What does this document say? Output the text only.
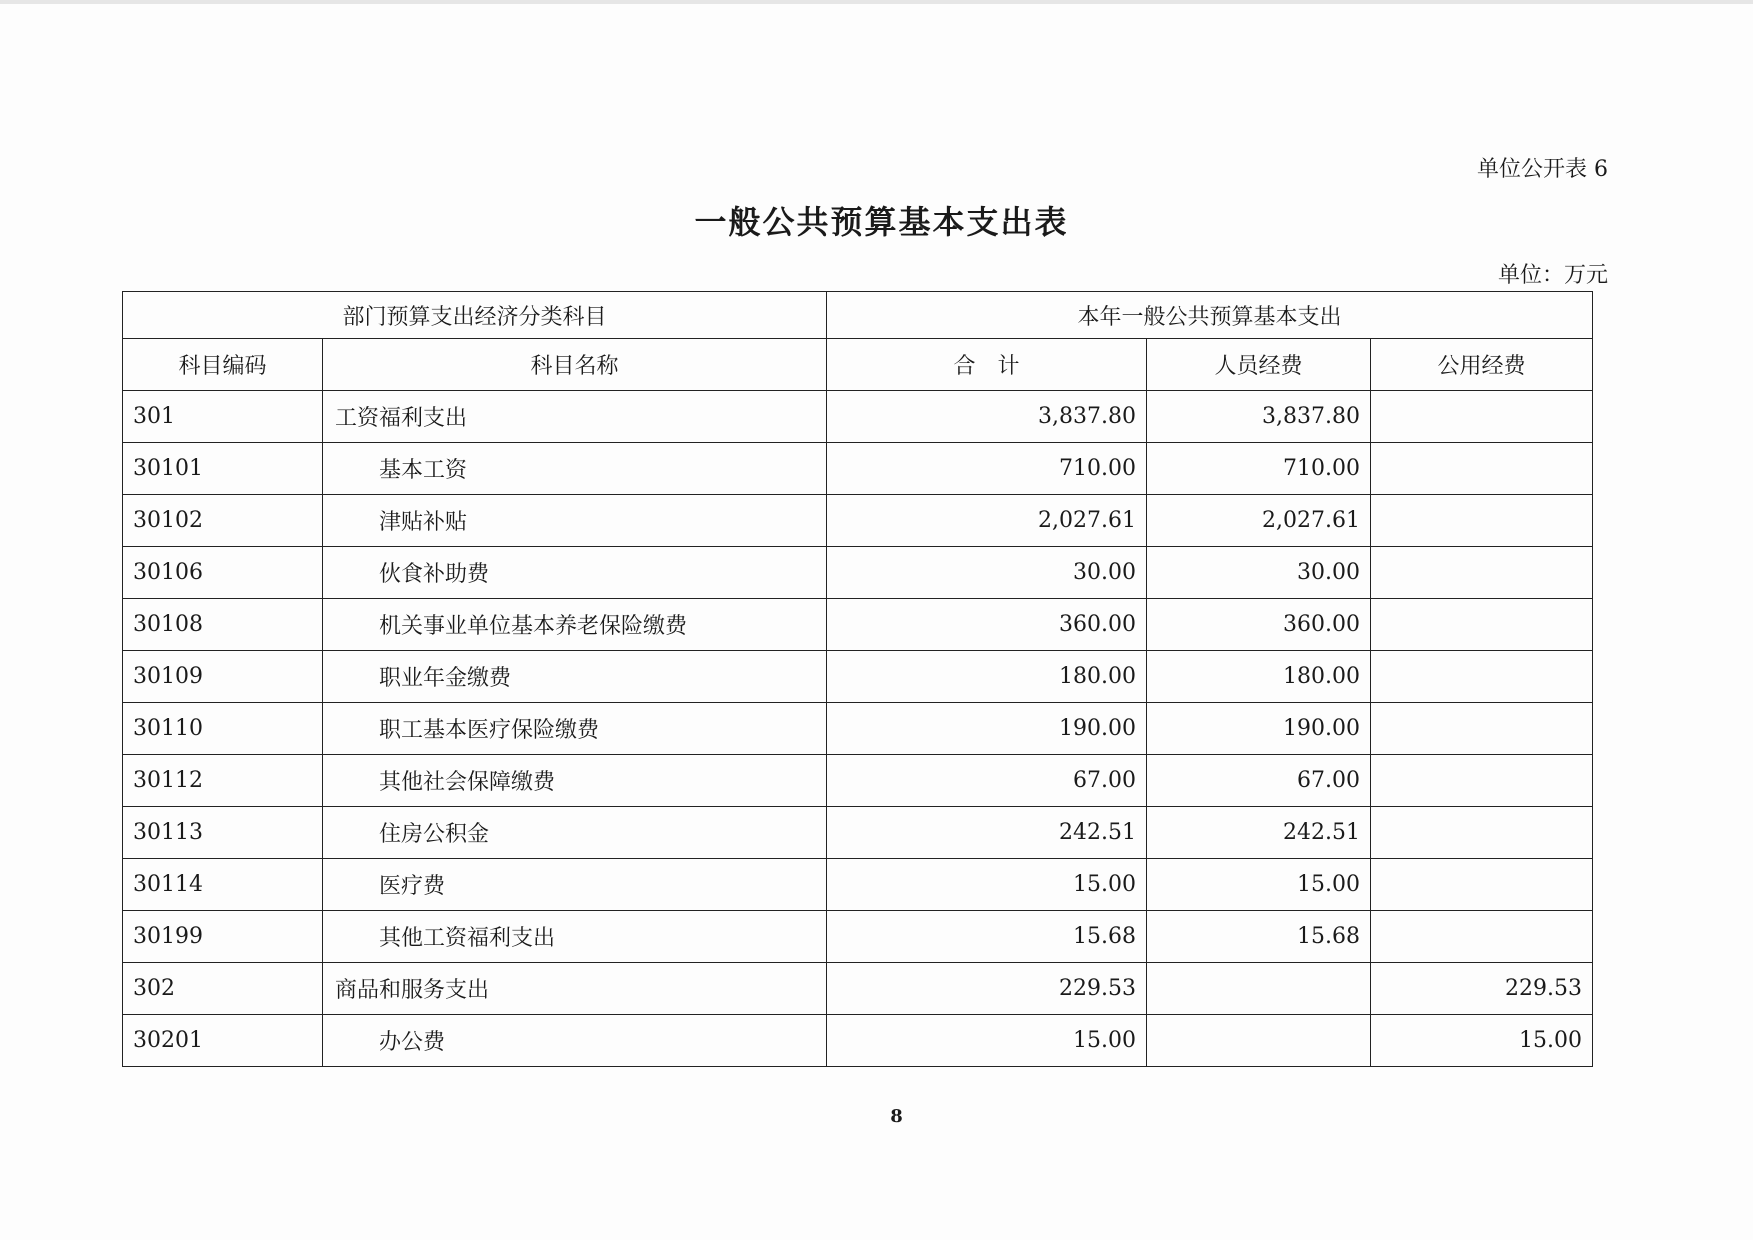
单位公开表 6
一般公共预算基本支出表
单位：万元
部门预算支出经济分类科目		本年一般公共预算基本支出		
科目编码	科目名称	合　计	人员经费	公用经费
301	工资福利支出	3,837.80	3,837.80	
30101	基本工资	710.00	710.00	
30102	津贴补贴	2,027.61	2,027.61	
30106	伙食补助费	30.00	30.00	
30108	机关事业单位基本养老保险缴费	360.00	360.00	
30109	职业年金缴费	180.00	180.00	
30110	职工基本医疗保险缴费	190.00	190.00	
30112	其他社会保障缴费	67.00	67.00	
30113	住房公积金	242.51	242.51	
30114	医疗费	15.00	15.00	
30199	其他工资福利支出	15.68	15.68	
302	商品和服务支出	229.53		229.53
30201	办公费	15.00		15.00
8
